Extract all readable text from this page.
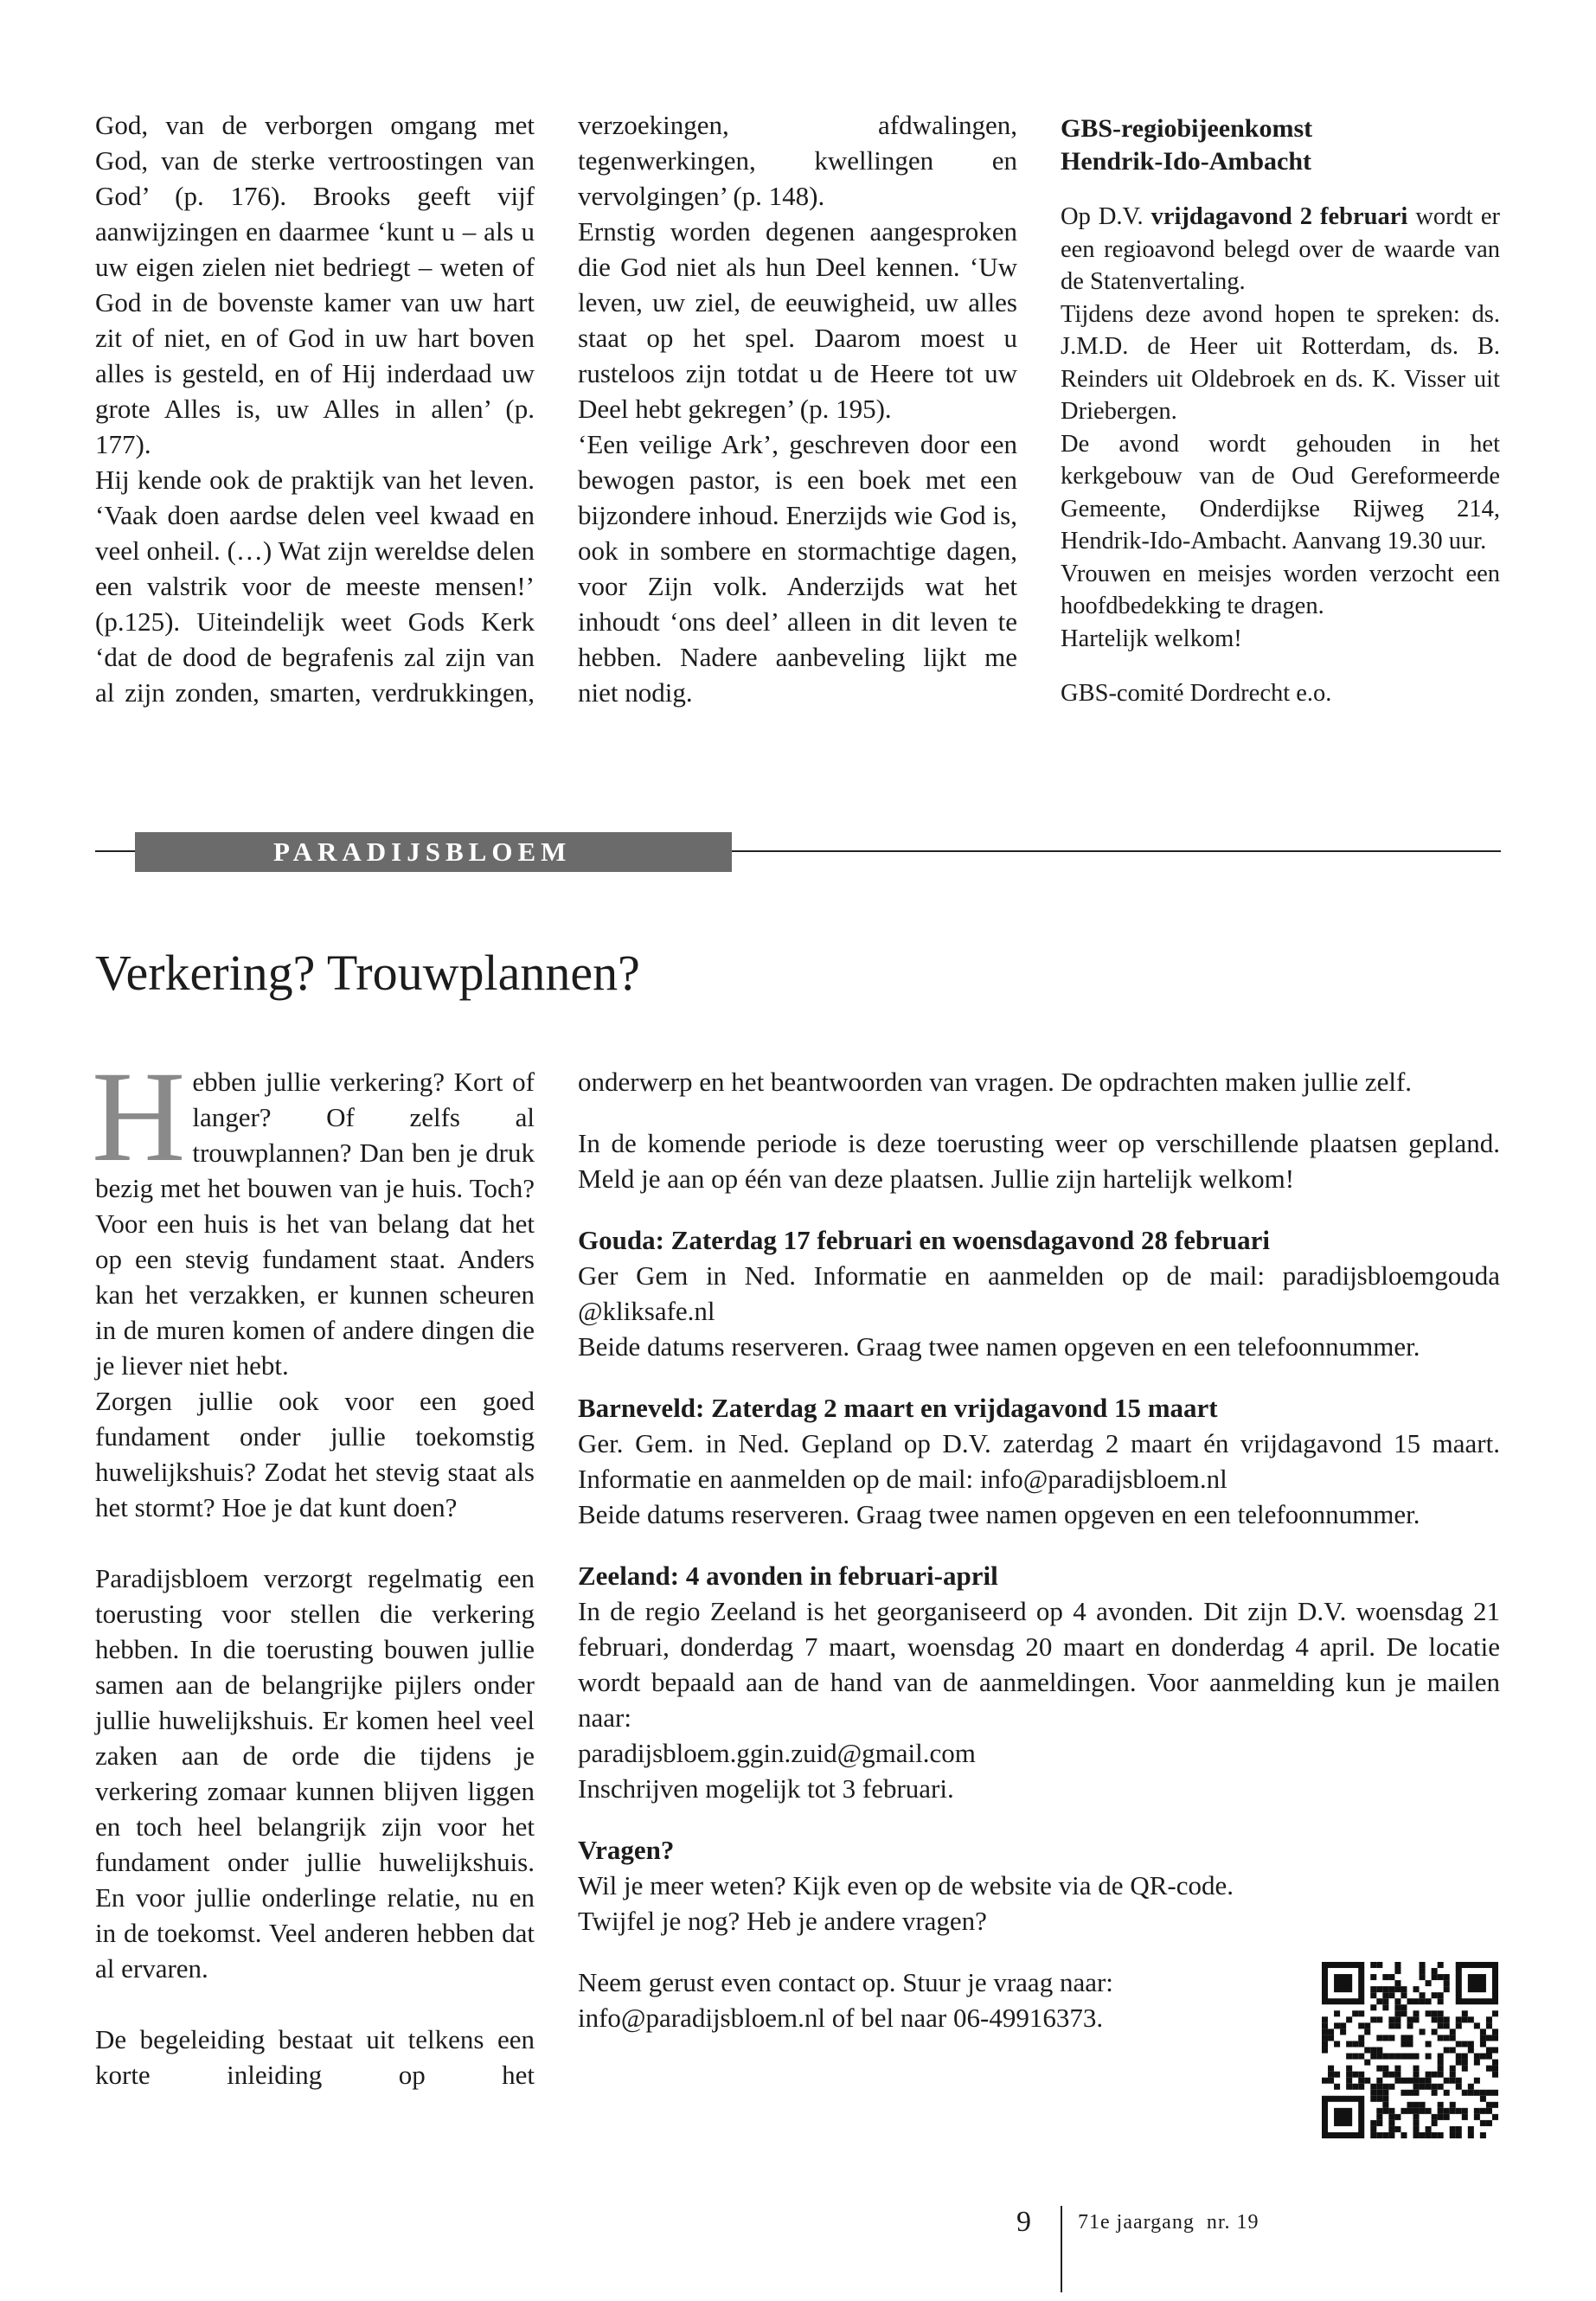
God, van de verborgen omgang met God, van de sterke vertroostingen van God’ (p. 176). Brooks geeft vijf aanwijzingen en daarmee ‘kunt u – als u uw eigen zielen niet bedriegt – weten of God in de bovenste kamer van uw hart zit of niet, en of God in uw hart boven alles is gesteld, en of Hij inderdaad uw grote Alles is, uw Alles in allen’ (p. 177).

Hij kende ook de praktijk van het leven. ‘Vaak doen aardse delen veel kwaad en veel onheil. (…) Wat zijn wereldse delen een valstrik voor de meeste mensen!’ (p.125). Uiteindelijk weet Gods Kerk ‘dat de dood de begrafenis zal zijn van al zijn zonden, smarten, verdrukkingen,

verzoekingen, afdwalingen, tegenwerkingen, kwellingen en vervolgingen’ (p. 148).

Ernstig worden degenen aangesproken die God niet als hun Deel kennen. ‘Uw leven, uw ziel, de eeuwigheid, uw alles staat op het spel. Daarom moest u rusteloos zijn totdat u de Heere tot uw Deel hebt gekregen’ (p. 195).

‘Een veilige Ark’, geschreven door een bewogen pastor, is een boek met een bijzondere inhoud. Enerzijds wie God is, ook in sombere en stormachtige dagen, voor Zijn volk. Anderzijds wat het inhoudt ‘ons deel’ alleen in dit leven te hebben. Nadere aanbeveling lijkt me niet nodig.

GBS-regiobijeenkomst

Hendrik-Ido-Ambacht

Op D.V. vrijdagavond 2 februari wordt er een regioavond belegd over de waarde van de Statenvertaling.

Tijdens deze avond hopen te spreken: ds. J.M.D. de Heer uit Rotterdam, ds. B. Reinders uit Oldebroek en ds. K. Visser uit Driebergen.

De avond wordt gehouden in het kerkgebouw van de Oud Gereformeerde Gemeente, Onderdijkse Rijweg 214, Hendrik-Ido-Ambacht. Aanvang 19.30 uur.

Vrouwen en meisjes worden verzocht een hoofdbedekking te dragen.

Hartelijk welkom!

GBS-comité Dordrecht e.o.

PARADIJSBLOEM
Verkering? Trouwplannen?

Hebben jullie verkering? Kort of langer? Of zelfs al trouwplannen? Dan ben je druk bezig met het bouwen van je huis. Toch? Voor een huis is het van belang dat het op een stevig fundament staat. Anders kan het verzakken, er kunnen scheuren in de muren komen of andere dingen die je liever niet hebt.

Zorgen jullie ook voor een goed fundament onder jullie toekomstig huwelijkshuis? Zodat het stevig staat als het stormt? Hoe je dat kunt doen?

Paradijsbloem verzorgt regelmatig een toerusting voor stellen die verkering hebben. In die toerusting bouwen jullie samen aan de belangrijke pijlers onder jullie huwelijkshuis. Er komen heel veel zaken aan de orde die tijdens je verkering zomaar kunnen blijven liggen en toch heel belangrijk zijn voor het fundament onder jullie huwelijkshuis. En voor jullie onderlinge relatie, nu en in de toekomst. Veel anderen hebben dat al ervaren.

De begeleiding bestaat uit telkens een korte inleiding op het

onderwerp en het beantwoorden van vragen. De opdrachten maken jullie zelf.

In de komende periode is deze toerusting weer op verschillende plaatsen gepland. Meld je aan op één van deze plaatsen. Jullie zijn hartelijk welkom!

Gouda: Zaterdag 17 februari en woensdagavond 28 februari

Ger Gem in Ned. Informatie en aanmelden op de mail: paradijsbloemgouda @kliksafe.nl

Beide datums reserveren. Graag twee namen opgeven en een telefoonnummer.

Barneveld: Zaterdag 2 maart en vrijdagavond 15 maart

Ger. Gem. in Ned. Gepland op D.V. zaterdag 2 maart én vrijdagavond 15 maart. Informatie en aanmelden op de mail: info@paradijsbloem.nl

Beide datums reserveren. Graag twee namen opgeven en een telefoonnummer.

Zeeland: 4 avonden in februari-april

In de regio Zeeland is het georganiseerd op 4 avonden. Dit zijn D.V. woensdag 21 februari, donderdag 7 maart, woensdag 20 maart en donderdag 4 april. De locatie wordt bepaald aan de hand van de aanmeldingen. Voor aanmelding kun je mailen naar:

paradijsbloem.ggin.zuid@gmail.com

Inschrijven mogelijk tot 3 februari.

Vragen?

Wil je meer weten? Kijk even op de website via de QR-code.

Twijfel je nog? Heb je andere vragen?

Neem gerust even contact op. Stuur je vraag naar:

info@paradijsbloem.nl of bel naar 06-49916373.

9 71e jaargang  nr. 19
